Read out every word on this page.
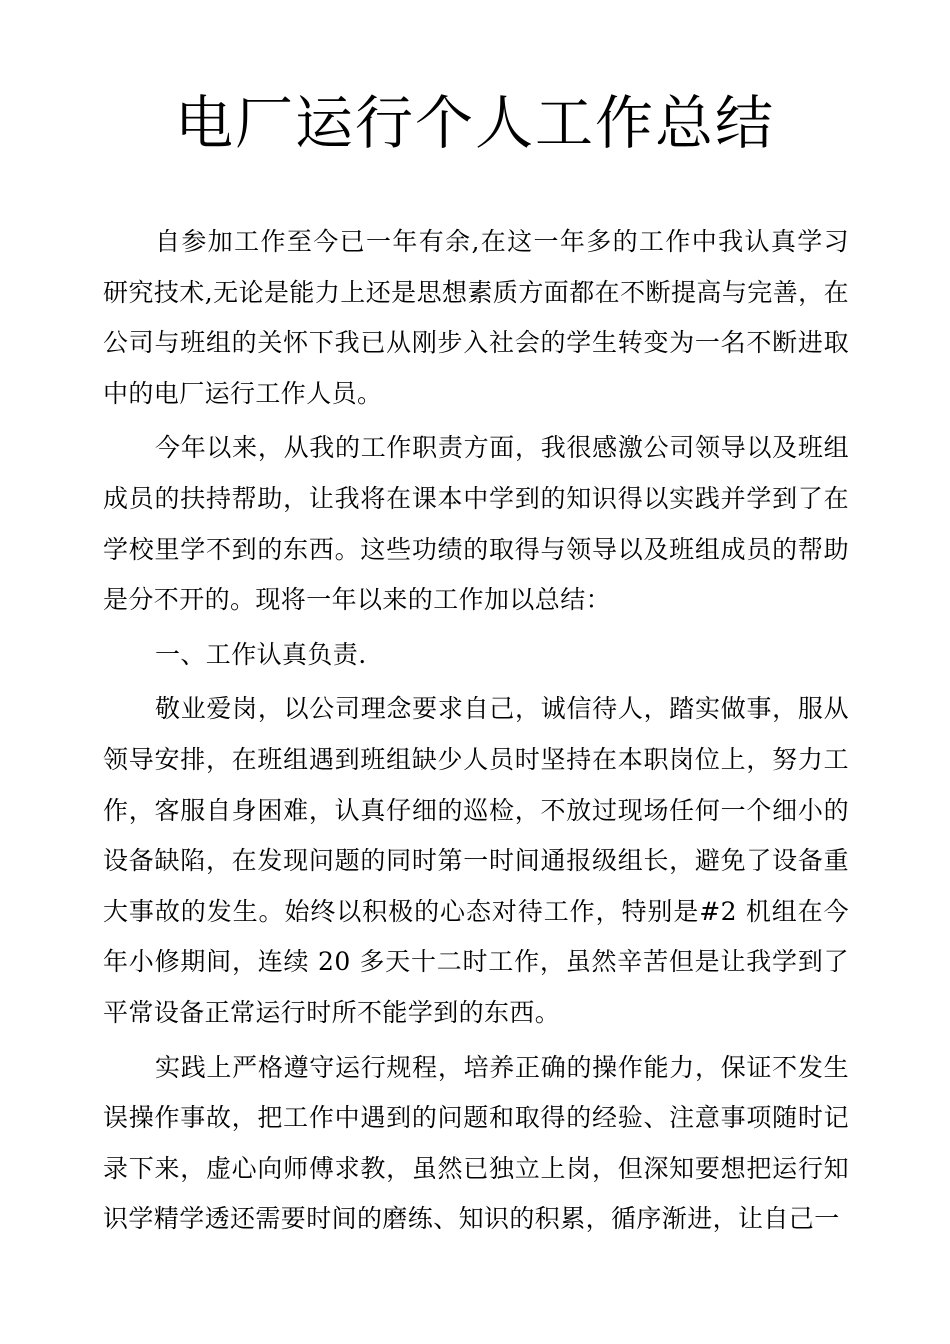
电厂运行个人工作总结

自参加工作至今已一年有余,在这一年多的工作中我认真学习研究技术,无论是能力上还是思想素质方面都在不断提高与完善，在公司与班组的关怀下我已从刚步入社会的学生转变为一名不断进取中的电厂运行工作人员。

今年以来，从我的工作职责方面，我很感激公司领导以及班组成员的扶持帮助，让我将在课本中学到的知识得以实践并学到了在学校里学不到的东西。这些功绩的取得与领导以及班组成员的帮助是分不开的。现将一年以来的工作加以总结：

一、工作认真负责.

敬业爱岗，以公司理念要求自己，诚信待人，踏实做事，服从领导安排，在班组遇到班组缺少人员时坚持在本职岗位上，努力工作，客服自身困难，认真仔细的巡检，不放过现场任何一个细小的设备缺陷，在发现问题的同时第一时间通报级组长，避免了设备重大事故的发生。始终以积极的心态对待工作，特别是#2 机组在今年小修期间，连续 20 多天十二时工作，虽然辛苦但是让我学到了平常设备正常运行时所不能学到的东西。

实践上严格遵守运行规程，培养正确的操作能力，保证不发生误操作事故，把工作中遇到的问题和取得的经验、注意事项随时记录下来，虚心向师傅求教，虽然已独立上岗，但深知要想把运行知识学精学透还需要时间的磨练、知识的积累，循序渐进，让自己一
